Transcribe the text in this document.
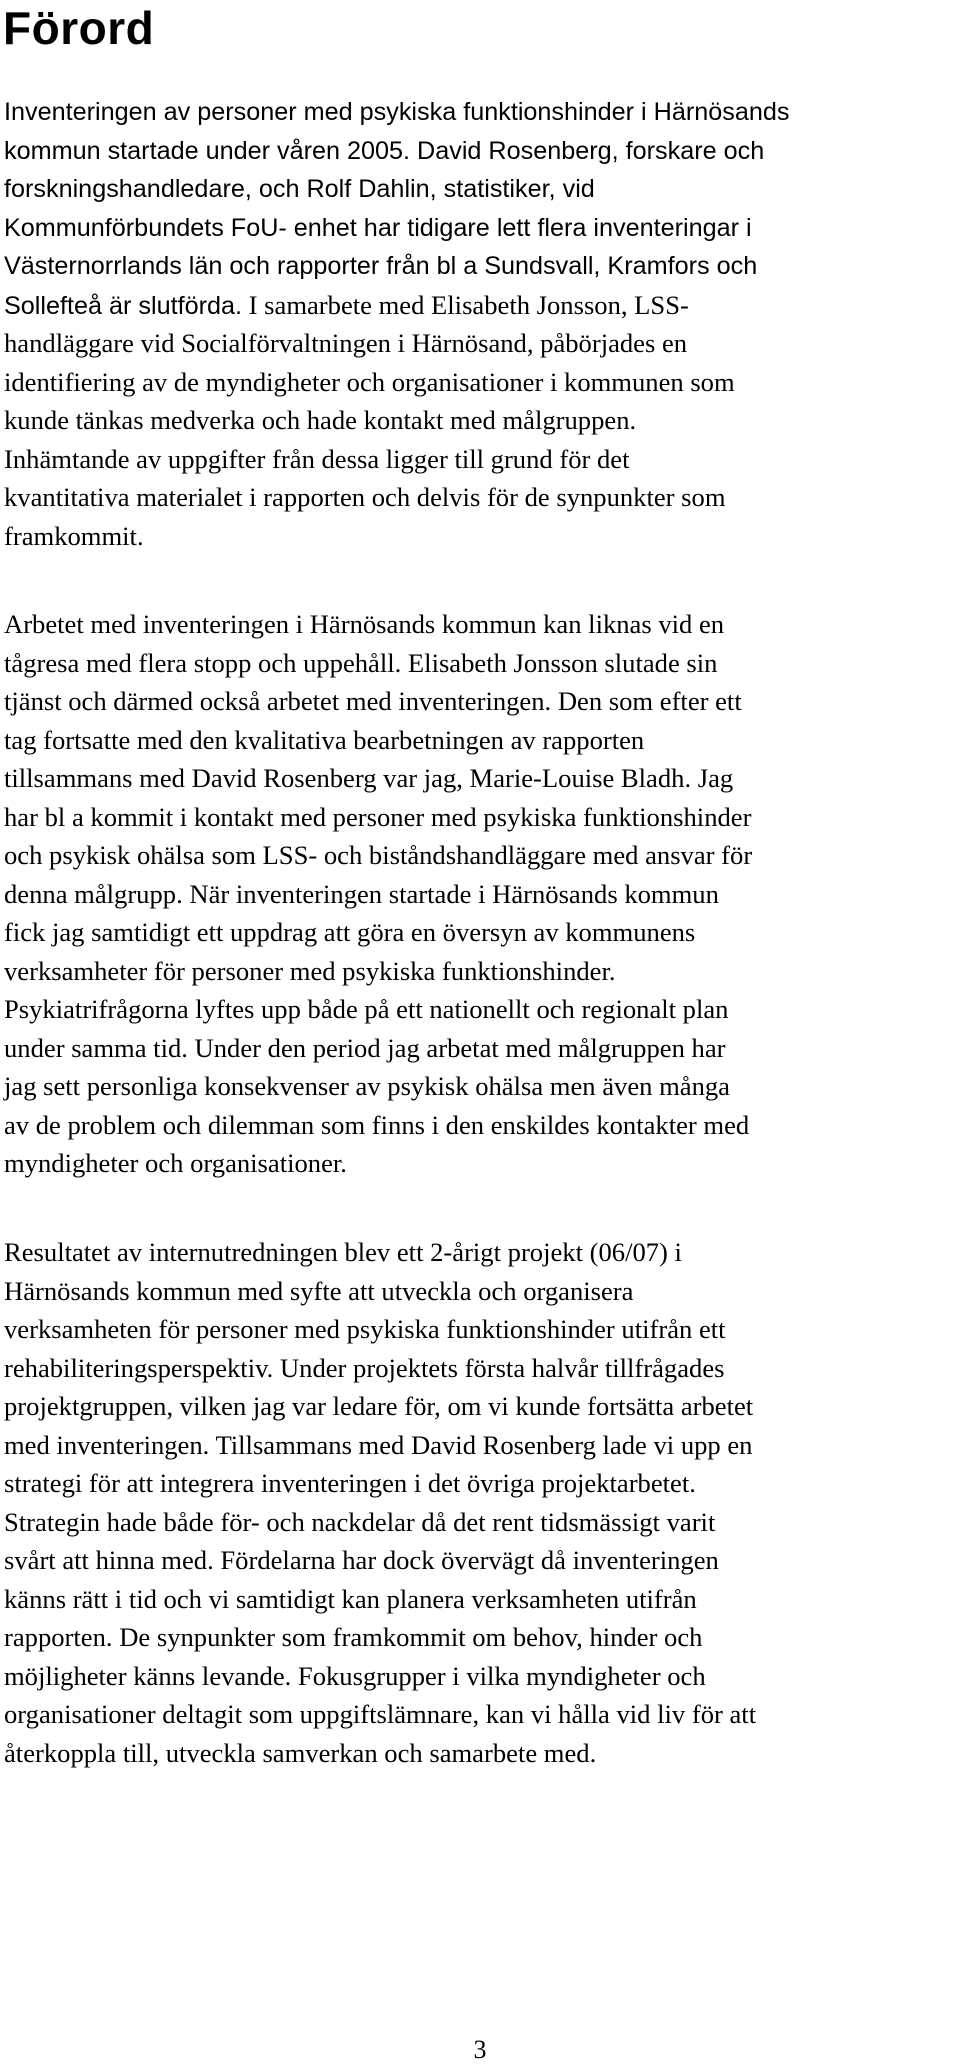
Förord
Inventeringen av personer med psykiska funktionshinder i Härnösands
kommun startade under våren 2005. David Rosenberg, forskare och
forskningshandledare, och Rolf Dahlin, statistiker, vid
Kommunförbundets FoU- enhet har tidigare lett flera inventeringar i
Västernorrlands län och rapporter från bl a Sundsvall, Kramfors och
Sollefteå är slutförda. I samarbete med Elisabeth Jonsson, LSS-
handläggare vid Socialförvaltningen i Härnösand, påbörjades en
identifiering av de myndigheter och organisationer i kommunen som
kunde tänkas medverka och hade kontakt med målgruppen.
Inhämtande av uppgifter från dessa ligger till grund för det
kvantitativa materialet i rapporten och delvis för de synpunkter som
framkommit.
Arbetet med inventeringen i Härnösands kommun kan liknas vid en
tågresa med flera stopp och uppehåll. Elisabeth Jonsson slutade sin
tjänst och därmed också arbetet med inventeringen. Den som efter ett
tag fortsatte med den kvalitativa bearbetningen av rapporten
tillsammans med David Rosenberg var jag, Marie-Louise Bladh. Jag
har bl a kommit i kontakt med personer med psykiska funktionshinder
och psykisk ohälsa som LSS- och biståndshandläggare med ansvar för
denna målgrupp. När inventeringen startade i Härnösands kommun
fick jag samtidigt ett uppdrag att göra en översyn av kommunens
verksamheter för personer med psykiska funktionshinder.
Psykiatrifrågorna lyftes upp både på ett nationellt och regionalt plan
under samma tid. Under den period jag arbetat med målgruppen har
jag sett personliga konsekvenser av psykisk ohälsa men även många
av de problem och dilemman som finns i den enskildes kontakter med
myndigheter och organisationer.
Resultatet av internutredningen blev ett 2-årigt projekt (06/07) i
Härnösands kommun med syfte att utveckla och organisera
verksamheten för personer med psykiska funktionshinder utifrån ett
rehabiliteringsperspektiv. Under projektets första halvår tillfrågades
projektgruppen, vilken jag var ledare för, om vi kunde fortsätta arbetet
med inventeringen. Tillsammans med David Rosenberg lade vi upp en
strategi för att integrera inventeringen i det övriga projektarbetet.
Strategin hade både för- och nackdelar då det rent tidsmässigt varit
svårt att hinna med. Fördelarna har dock övervägt då inventeringen
känns rätt i tid och vi samtidigt kan planera verksamheten utifrån
rapporten. De synpunkter som framkommit om behov, hinder och
möjligheter känns levande. Fokusgrupper i vilka myndigheter och
organisationer deltagit som uppgiftslämnare, kan vi hålla vid liv för att
återkoppla till, utveckla samverkan och samarbete med.
3
